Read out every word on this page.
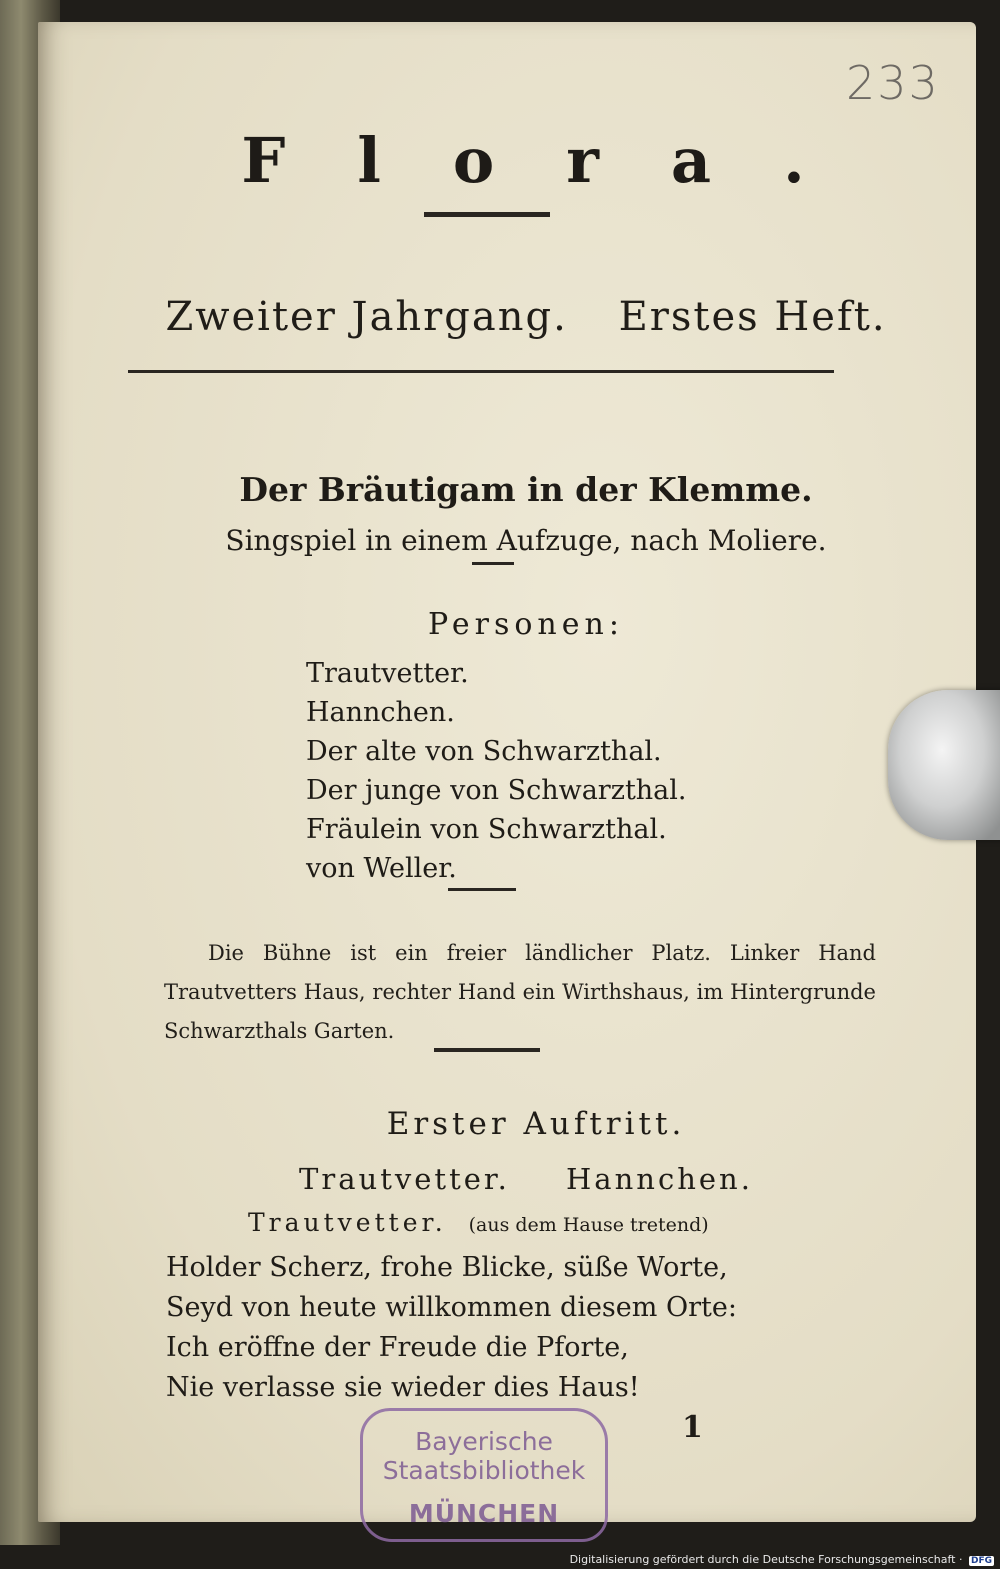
233
Flora.
Zweiter Jahrgang. Erstes Heft.
Der Bräutigam in der Klemme.
Singspiel in einem Aufzuge, nach Moliere.
Personen:
Trautvetter.
Hannchen.
Der alte von Schwarzthal.
Der junge von Schwarzthal.
Fräulein von Schwarzthal.
von Weller.
Die Bühne ist ein freier ländlicher Platz. Linker Hand Trautvetters Haus, rechter Hand ein Wirthshaus, im Hintergrunde Schwarzthals Garten.
Erster Auftritt.
Trautvetter. Hannchen.
Trautvetter. (aus dem Hause tretend)
Holder Scherz, frohe Blicke, süße Worte,
Seyd von heute willkommen diesem Orte:
Ich eröffne der Freude die Pforte,
Nie verlasse sie wieder dies Haus!
1
Bayerische
Staatsbibliothek
MÜNCHEN
Digitalisierung gefördert durch die Deutsche Forschungsgemeinschaft · DFG
